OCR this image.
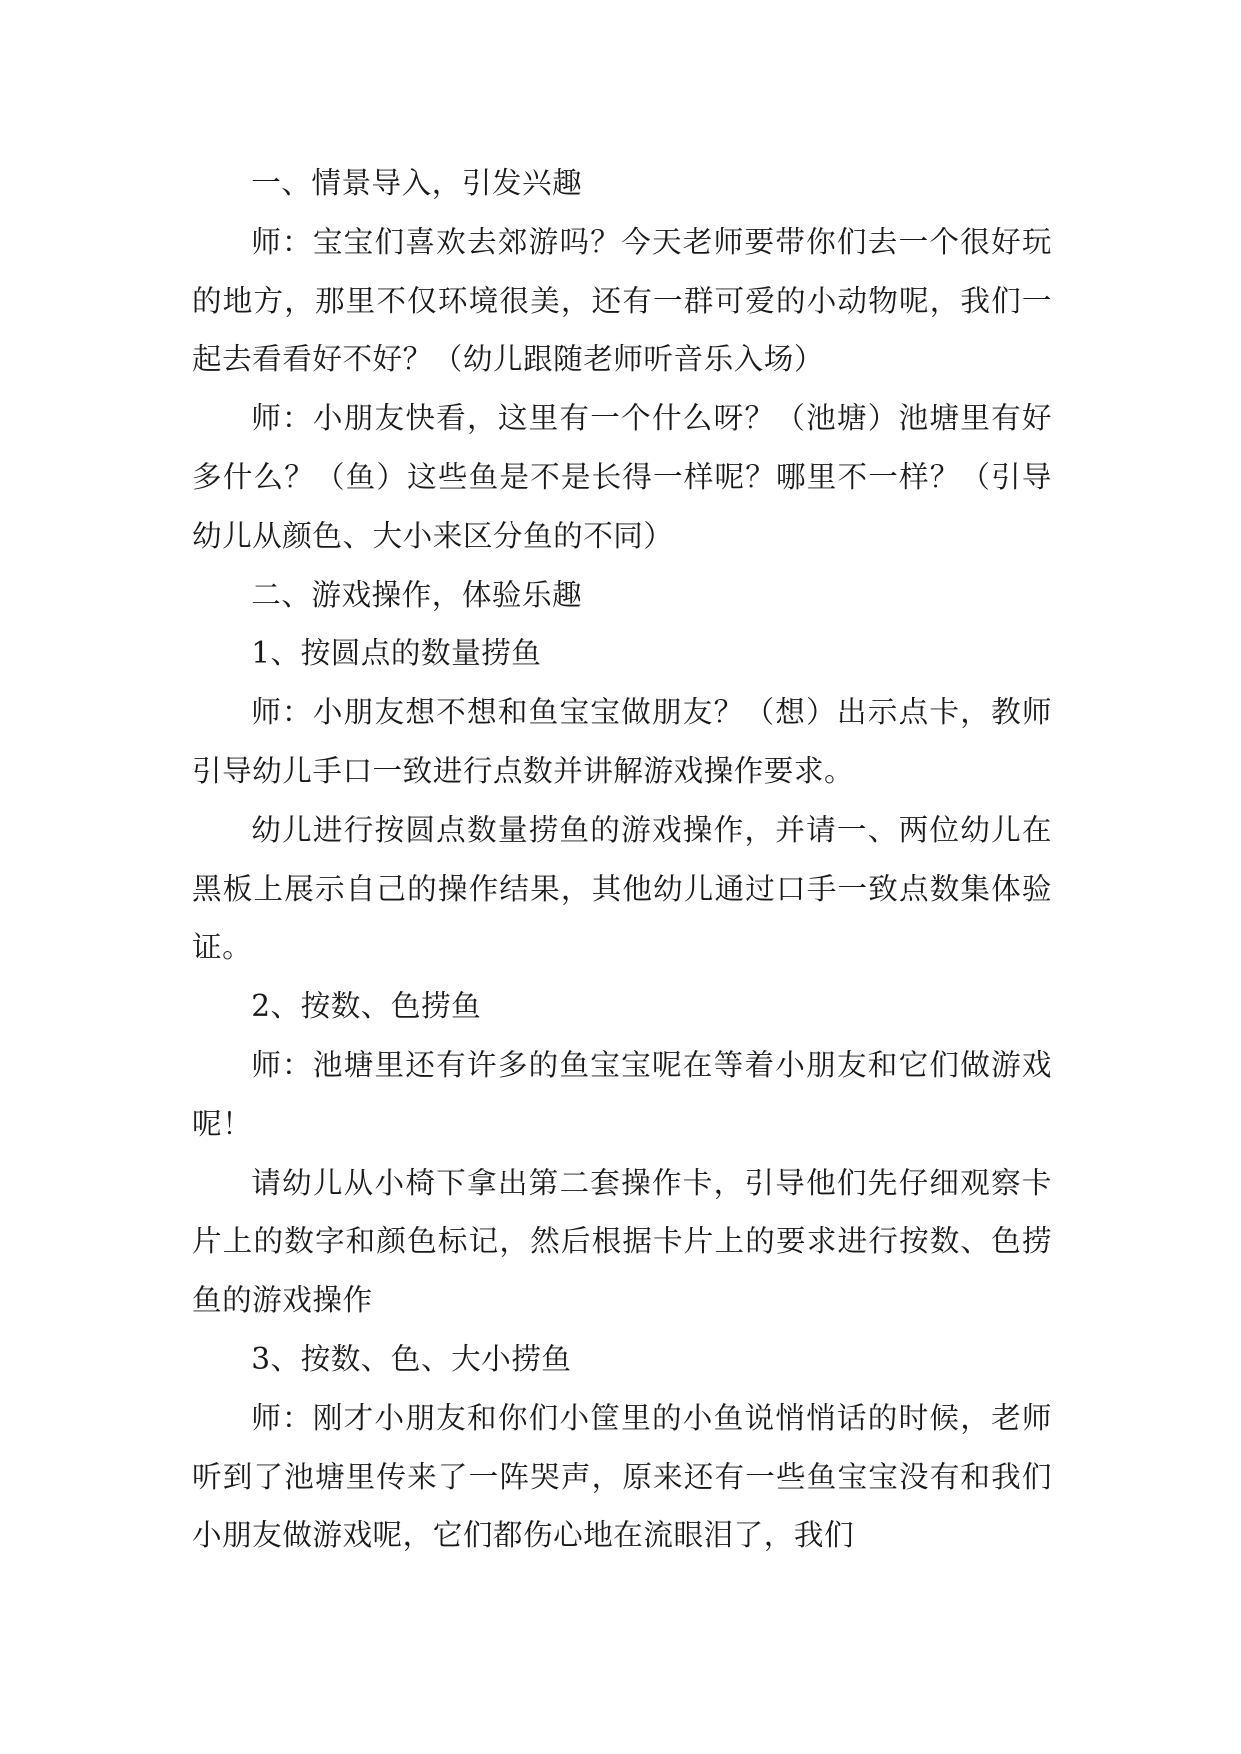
一、情景导入，引发兴趣

师：宝宝们喜欢去郊游吗？今天老师要带你们去一个很好玩的地方，那里不仅环境很美，还有一群可爱的小动物呢，我们一起去看看好不好？（幼儿跟随老师听音乐入场）

师：小朋友快看，这里有一个什么呀？（池塘）池塘里有好多什么？（鱼）这些鱼是不是长得一样呢？哪里不一样？（引导幼儿从颜色、大小来区分鱼的不同）

二、游戏操作，体验乐趣

1、按圆点的数量捞鱼

师：小朋友想不想和鱼宝宝做朋友？（想）出示点卡，教师引导幼儿手口一致进行点数并讲解游戏操作要求。

幼儿进行按圆点数量捞鱼的游戏操作，并请一、两位幼儿在黑板上展示自己的操作结果，其他幼儿通过口手一致点数集体验证。

2、按数、色捞鱼

师：池塘里还有许多的鱼宝宝呢在等着小朋友和它们做游戏呢！

请幼儿从小椅下拿出第二套操作卡，引导他们先仔细观察卡片上的数字和颜色标记，然后根据卡片上的要求进行按数、色捞鱼的游戏操作

3、按数、色、大小捞鱼

师：刚才小朋友和你们小筐里的小鱼说悄悄话的时候，老师听到了池塘里传来了一阵哭声，原来还有一些鱼宝宝没有和我们小朋友做游戏呢，它们都伤心地在流眼泪了，我们
